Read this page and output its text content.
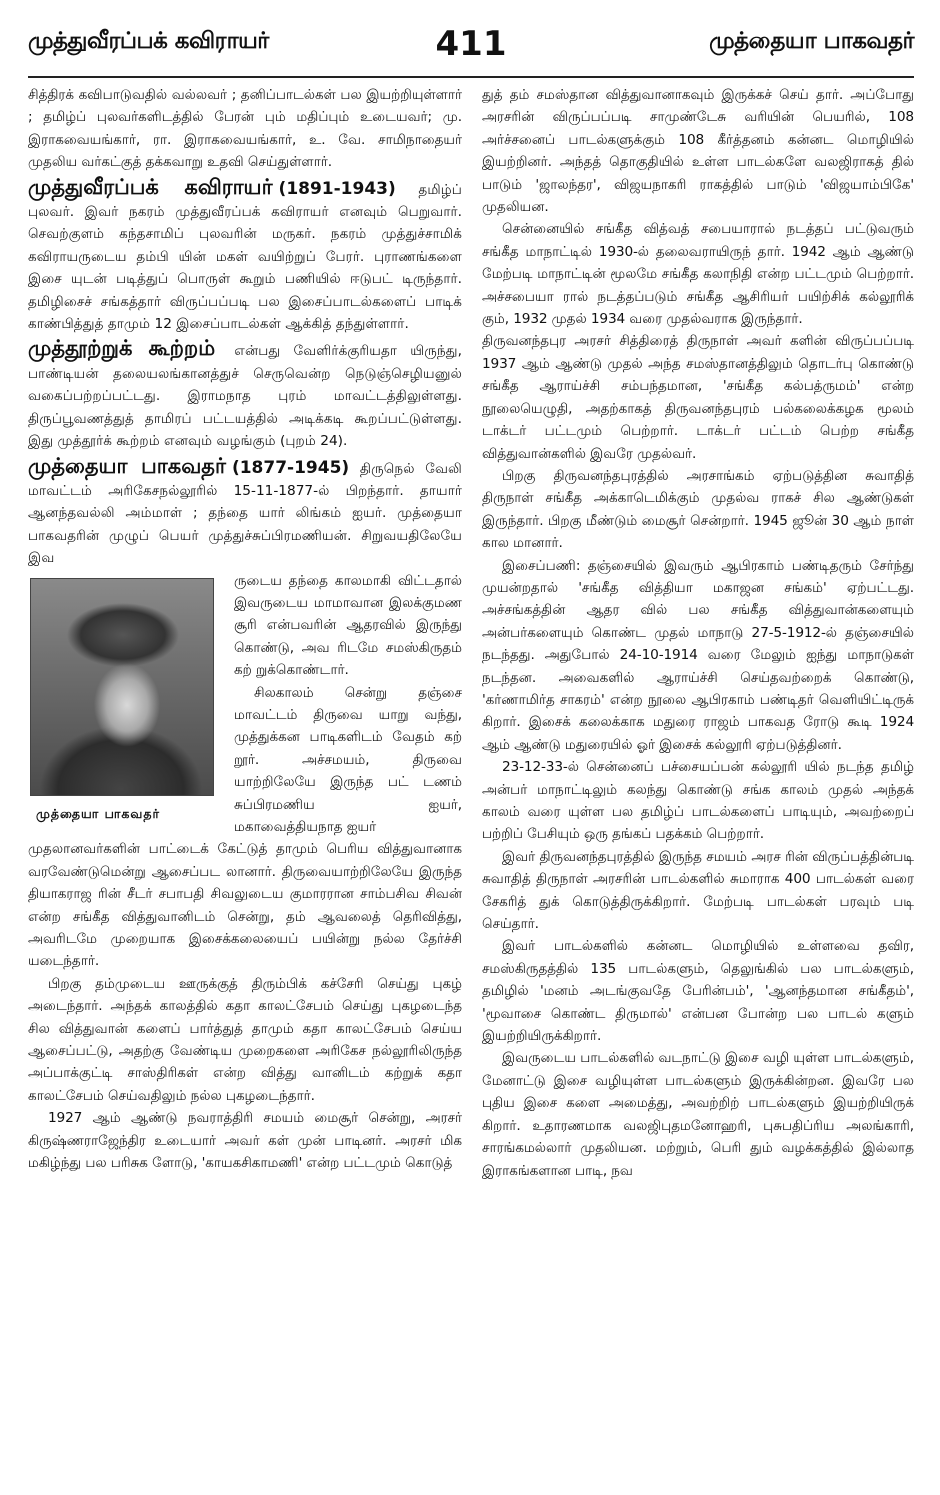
முத்துவீரப்பக் கவிராயர்	411	முத்தையா பாகவதர்

சித்திரக் கவிபாடுவதில் வல்லவர் ; தனிப்பாடல்கள் பல இயற்றியுள்ளார் ; தமிழ்ப் புலவர்களிடத்தில் பேரன் பும் மதிப்பும் உடையவர்; மு. இராகவையங்கார், ரா. இராகவையங்கார், உ. வே. சாமிநாதையர் முதலிய வர்கட்குத் தக்கவாறு உதவி செய்துள்ளார்.

முத்துவீரப்பக் கவிராயர் (1891-1943) தமிழ்ப் புலவர். இவர் நகரம் முத்துவீரப்பக் கவிராயர் எனவும் பெறுவார். செவற்குளம் கந்தசாமிப் புலவரின் மருகர். நகரம் முத்துச்சாமிக் கவிராயருடைய தம்பி யின் மகள் வயிற்றுப் பேரர். புராணங்களை இசை யுடன் படித்துப் பொருள் கூறும் பணியில் ஈடுபட் டிருந்தார். தமிழிசைச் சங்கத்தார் விருப்பப்படி பல இசைப்பாடல்களைப் பாடிக் காண்பித்துத் தாமும் 12 இசைப்பாடல்கள் ஆக்கித் தந்துள்ளார்.
முத்தூற்றுக் கூற்றம் என்பது வேளிர்க்குரியதா யிருந்து, பாண்டியன் தலையலங்கானத்துச் செருவென்ற நெடுஞ்செழியனுல் வகைப்பற்றப்பட்டது. இராமநாத புரம் மாவட்டத்திலுள்ளது. திருப்பூவணத்துத் தாமிரப் பட்டயத்தில் அடிக்கடி கூறப்பட்டுள்ளது. இது முத்தூர்க் கூற்றம் எனவும் வழங்கும் (புறம் 24).
முத்தையா பாகவதர் (1877-1945) திருநெல் வேலி மாவட்டம் அரிகேசநல்லூரில் 15-11-1877-ல் பிறந்தார். தாயார் ஆனந்தவல்லி அம்மாள் ; தந்தை யார் லிங்கம் ஐயர். முத்தையா பாகவதரின் முழுப் பெயர் முத்துச்சுப்பிரமணியன். சிறுவயதிலேயே இவ
முத்தையா பாகவதர்

ருடைய தந்தை காலமாகி விட்டதால் இவருடைய மாமாவான இலக்குமண சூரி என்பவரின் ஆதரவில் இருந்து கொண்டு, அவ ரிடமே சமஸ்கிருதம் கற் றுக்கொண்டார்.

சிலகாலம் சென்று தஞ்சை மாவட்டம் திருவை யாறு வந்து, முத்துக்கன பாடிகளிடம் வேதம் கற் றூர். அச்சமயம், திருவை யாற்றிலேயே இருந்த பட் டணம் சுப்பிரமணிய ஐயர், மகாவைத்தியநாத ஐயர்

முதலானவர்களின் பாட்டைக் கேட்டுத் தாமும் பெரிய வித்துவானாக வரவேண்டுமென்று ஆசைப்பட லானார். திருவையாற்றிலேயே இருந்த தியாகராஜ ரின் சீடர் சபாபதி சிவலுடைய குமாரரான சாம்பசிவ சிவன் என்ற சங்கீத வித்துவானிடம் சென்று, தம் ஆவலைத் தெரிவித்து, அவரிடமே முறையாக இசைக்கலையைப் பயின்று நல்ல தேர்ச்சி யடைந்தார்.

பிறகு தம்முடைய ஊருக்குத் திரும்பிக் கச்சேரி செய்து புகழ் அடைந்தார். அந்தக் காலத்தில் கதா காலட்சேபம் செய்து புகழடைந்த சில வித்துவான் களைப் பார்த்துத் தாமும் கதா காலட்சேபம் செய்ய ஆசைப்பட்டு, அதற்கு வேண்டிய முறைகளை அரிகேச நல்லூரிலிருந்த அப்பாக்குட்டி சாஸ்திரிகள் என்ற வித்து வானிடம் கற்றுக் கதா காலட்சேபம் செய்வதிலும் நல்ல புகழடைந்தார்.

1927 ஆம் ஆண்டு நவராத்திரி சமயம் மைசூர் சென்று, அரசர் கிருஷ்ணராஜேந்திர உடையார் அவர் கள் முன் பாடினர். அரசர் மிக மகிழ்ந்து பல பரிசுக ளோடு, 'காயகசிகாமணி' என்ற பட்டமும் கொடுத்

துத் தம் சமஸ்தான வித்துவானாகவும் இருக்கச் செய் தார். அப்போது அரசரின் விருப்பப்படி சாமுண்டேசு வரியின் பெயரில், 108 அர்ச்சனைப் பாடல்களுக்கும் 108 கீர்த்தனம் கன்னட மொழியில் இயற்றினர். அந்தத் தொகுதியில் உள்ள பாடல்களே வலஜிராகத் தில் பாடும் 'ஜாலந்தர', விஜயநாகரி ராகத்தில் பாடும் 'விஜயாம்பிகே' முதலியன.

சென்னையில் சங்கீத வித்வத் சபையாரால் நடத்தப் பட்டுவரும் சங்கீத மாநாட்டில் 1930-ல் தலைவராயிருந் தார். 1942 ஆம் ஆண்டு மேற்படி மாநாட்டின் மூலமே சங்கீத கலாநிதி என்ற பட்டமும் பெற்றார். அச்சபையா ரால் நடத்தப்படும் சங்கீத ஆசிரியர் பயிற்சிக் கல்லூரிக் கும், 1932 முதல் 1934 வரை முதல்வராக இருந்தார்.

திருவனந்தபுர அரசர் சித்திரைத் திருநாள் அவர் களின் விருப்பப்படி 1937 ஆம் ஆண்டு முதல் அந்த சமஸ்தானத்திலும் தொடர்பு கொண்டு சங்கீத ஆராய்ச்சி சம்பந்தமான, 'சங்கீத கல்பத்ருமம்' என்ற நூலையெழுதி, அதற்காகத் திருவனந்தபுரம் பல்கலைக்கழக மூலம் டாக்டர் பட்டமும் பெற்றார். டாக்டர் பட்டம் பெற்ற சங்கீத வித்துவான்களில் இவரே முதல்வர்.

பிறகு திருவனந்தபுரத்தில் அரசாங்கம் ஏற்படுத்தின சுவாதித் திருநாள் சங்கீத அக்காடெமிக்கும் முதல்வ ராகச் சில ஆண்டுகள் இருந்தார். பிறகு மீண்டும் மைசூர் சென்றார். 1945 ஜூன் 30 ஆம் நாள் கால மானார்.

இசைப்பணி: தஞ்சையில் இவரும் ஆபிரகாம் பண்டிதரும் சேர்ந்து முயன்றதால் 'சங்கீத வித்தியா மகாஜன சங்கம்' ஏற்பட்டது. அச்சங்கத்தின் ஆதர வில் பல சங்கீத வித்துவான்களையும் அன்பர்களையும் கொண்ட முதல் மாநாடு 27-5-1912-ல் தஞ்சையில் நடந்தது. அதுபோல் 24-10-1914 வரை மேலும் ஐந்து மாநாடுகள் நடந்தன. அவைகளில் ஆராய்ச்சி செய்தவற்றைக் கொண்டு, 'கர்ணாமிர்த சாகரம்' என்ற நூலை ஆபிரகாம் பண்டிதர் வெளியிட்டிருக் கிறார். இசைக் கலைக்காக மதுரை ராஜம் பாகவத ரோடு கூடி 1924 ஆம் ஆண்டு மதுரையில் ஓர் இசைக் கல்லூரி ஏற்படுத்தினர்.

23-12-33-ல் சென்னைப் பச்சையப்பன் கல்லூரி யில் நடந்த தமிழ் அன்பர் மாநாட்டிலும் கலந்து கொண்டு சங்க காலம் முதல் அந்தக் காலம் வரை யுள்ள பல தமிழ்ப் பாடல்களைப் பாடியும், அவற்றைப் பற்றிப் பேசியும் ஒரு தங்கப் பதக்கம் பெற்றார்.

இவர் திருவனந்தபுரத்தில் இருந்த சமயம் அரச ரின் விருப்பத்தின்படி சுவாதித் திருநாள் அரசரின் பாடல்களில் சுமாராக 400 பாடல்கள் வரை சேகரித் துக் கொடுத்திருக்கிறார். மேற்படி பாடல்கள் பரவும் படி செய்தார்.

இவர் பாடல்களில் கன்னட மொழியில் உள்ளவை தவிர, சமஸ்கிருதத்தில் 135 பாடல்களும், தெலுங்கில் பல பாடல்களும், தமிழில் 'மனம் அடங்குவதே பேரின்பம்', 'ஆனந்தமான சங்கீதம்', 'மூவாசை கொண்ட திருமால்' என்பன போன்ற பல பாடல் களும் இயற்றியிருக்கிறார்.

இவருடைய பாடல்களில் வடநாட்டு இசை வழி யுள்ள பாடல்களும், மேனாட்டு இசை வழியுள்ள பாடல்களும் இருக்கின்றன. இவரே பல புதிய இசை களை அமைத்து, அவற்றிற் பாடல்களும் இயற்றியிருக் கிறார். உதாரணமாக வலஜிபுதமனோஹரி, புசுபதிப்ரிய அலங்காரி, சாரங்கமல்லார் முதலியன. மற்றும், பெரி தும் வழக்கத்தில் இல்லாத இராகங்களான பாடி, நவ
